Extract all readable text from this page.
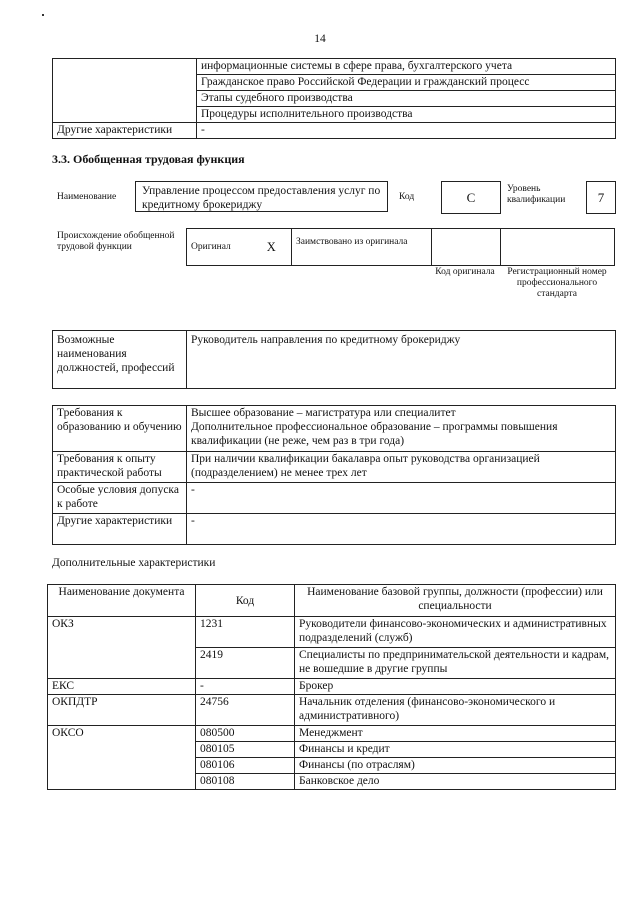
14
	информационные системы в сфере права, бухгалтерского учета
	Гражданское право Российской Федерации и гражданский процесс
	Этапы судебного производства
	Процедуры исполнительного производства
Другие характеристики	-
3.3. Обобщенная трудовая функция
Наименование	Управление процессом предоставления услуг по кредитному брокериджу
Код	C
Уровень квалификации	7
Происхождение обобщенной трудовой функции	Оригинал	X	Заимствовано из оригинала		
Код оригинала	Регистрационный номер профессионального стандарта
Возможные наименования должностей, профессий	Руководитель направления по кредитному брокериджу
Требования к образованию и обучению	Высшее образование – магистратура или специалитет
Дополнительное профессиональное образование – программы повышения квалификации (не реже, чем раз в три года)
Требования к опыту практической работы	При наличии квалификации бакалавра опыт руководства организацией (подразделением) не менее трех лет
Особые условия допуска к работе	-
Другие характеристики	-
Дополнительные характеристики
Наименование документа	Код	Наименование базовой группы, должности (профессии) или специальности
ОКЗ	1231	Руководители финансово-экономических и административных подразделений (служб)
	2419	Специалисты по предпринимательской деятельности и кадрам, не вошедшие в другие группы
ЕКС	-	Брокер
ОКПДТР	24756	Начальник отделения (финансово-экономического и административного)
ОКСО	080500	Менеджмент
	080105	Финансы и кредит
	080106	Финансы (по отраслям)
	080108	Банковское дело
